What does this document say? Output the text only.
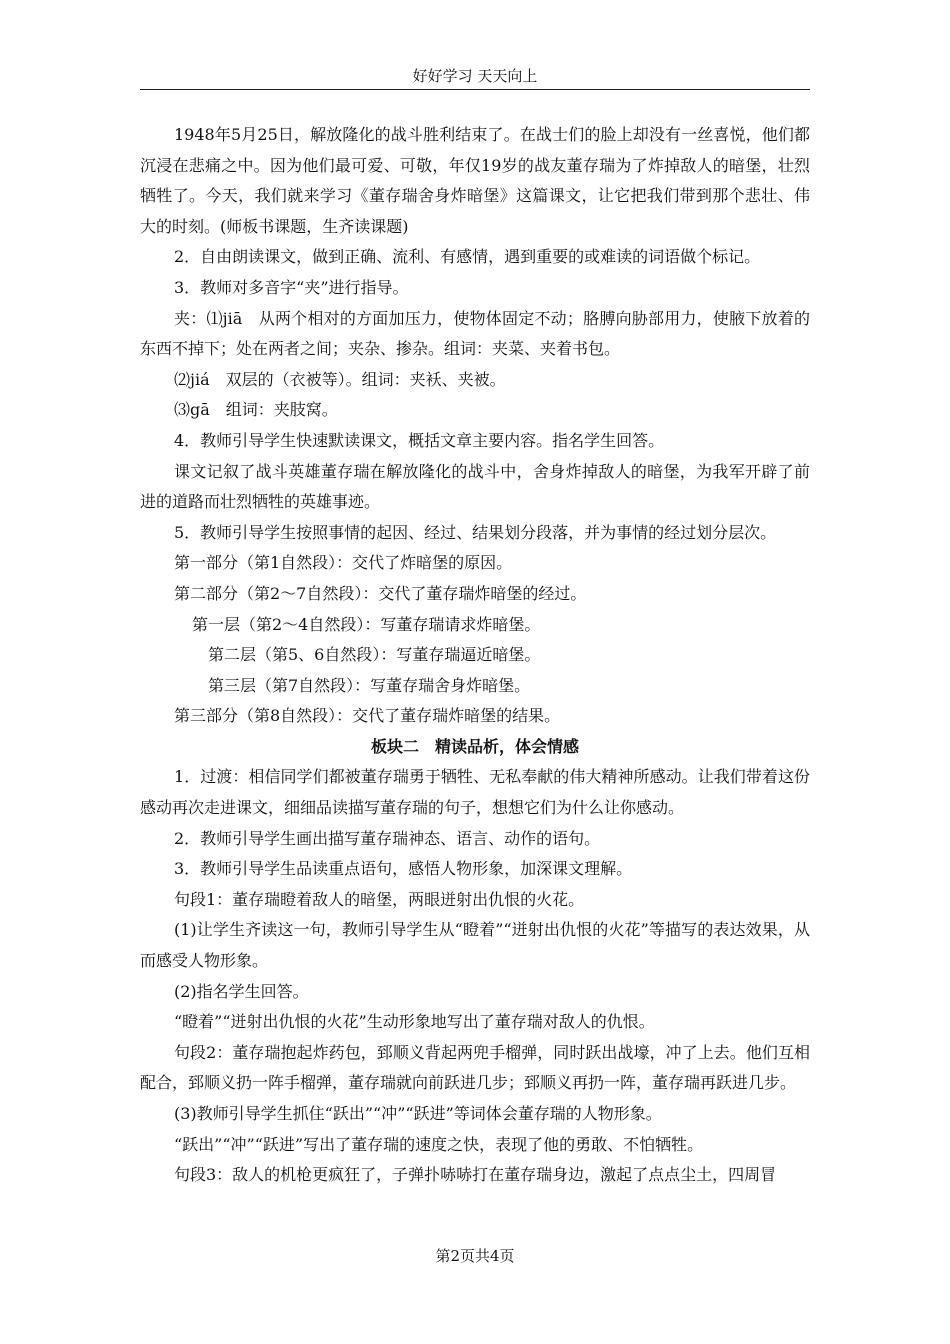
好好学习 天天向上

1948年5月25日，解放隆化的战斗胜利结束了。在战士们的脸上却没有一丝喜悦，他们都沉浸在悲痛之中。因为他们最可爱、可敬，年仅19岁的战友董存瑞为了炸掉敌人的暗堡，壮烈牺牲了。今天，我们就来学习《董存瑞舍身炸暗堡》这篇课文，让它把我们带到那个悲壮、伟大的时刻。(师板书课题，生齐读课题)

2．自由朗读课文，做到正确、流利、有感情，遇到重要的或难读的词语做个标记。

3．教师对多音字“夹”进行指导。

夹：⑴jiā　从两个相对的方面加压力，使物体固定不动；胳膊向胁部用力，使腋下放着的东西不掉下；处在两者之间；夹杂、掺杂。组词：夹菜、夹着书包。

⑵jiá　双层的（衣被等）。组词：夹袄、夹被。

⑶gā　组词：夹肢窝。

4．教师引导学生快速默读课文，概括文章主要内容。指名学生回答。

课文记叙了战斗英雄董存瑞在解放隆化的战斗中，舍身炸掉敌人的暗堡，为我军开辟了前进的道路而壮烈牺牲的英雄事迹。

5．教师引导学生按照事情的起因、经过、结果划分段落，并为事情的经过划分层次。

第一部分（第1自然段）：交代了炸暗堡的原因。

第二部分（第2～7自然段）：交代了董存瑞炸暗堡的经过。

第一层（第2～4自然段）：写董存瑞请求炸暗堡。

第二层（第5、6自然段）：写董存瑞逼近暗堡。

第三层（第7自然段）：写董存瑞舍身炸暗堡。

第三部分（第8自然段）：交代了董存瑞炸暗堡的结果。

板块二　精读品析，体会情感

1．过渡：相信同学们都被董存瑞勇于牺牲、无私奉献的伟大精神所感动。让我们带着这份感动再次走进课文，细细品读描写董存瑞的句子，想想它们为什么让你感动。

2．教师引导学生画出描写董存瑞神态、语言、动作的语句。

3．教师引导学生品读重点语句，感悟人物形象，加深课文理解。

句段1：董存瑞瞪着敌人的暗堡，两眼迸射出仇恨的火花。

(1)让学生齐读这一句，教师引导学生从“瞪着”“迸射出仇恨的火花”等描写的表达效果，从而感受人物形象。

(2)指名学生回答。

“瞪着”“迸射出仇恨的火花”生动形象地写出了董存瑞对敌人的仇恨。

句段2：董存瑞抱起炸药包，郅顺义背起两兜手榴弹，同时跃出战壕，冲了上去。他们互相配合，郅顺义扔一阵手榴弹，董存瑞就向前跃进几步；郅顺义再扔一阵，董存瑞再跃进几步。

(3)教师引导学生抓住“跃出”“冲”“跃进”等词体会董存瑞的人物形象。

“跃出”“冲”“跃进”写出了董存瑞的速度之快，表现了他的勇敢、不怕牺牲。

句段3：敌人的机枪更疯狂了，子弹扑哧哧打在董存瑞身边，激起了点点尘土，四周冒

第2页共4页
